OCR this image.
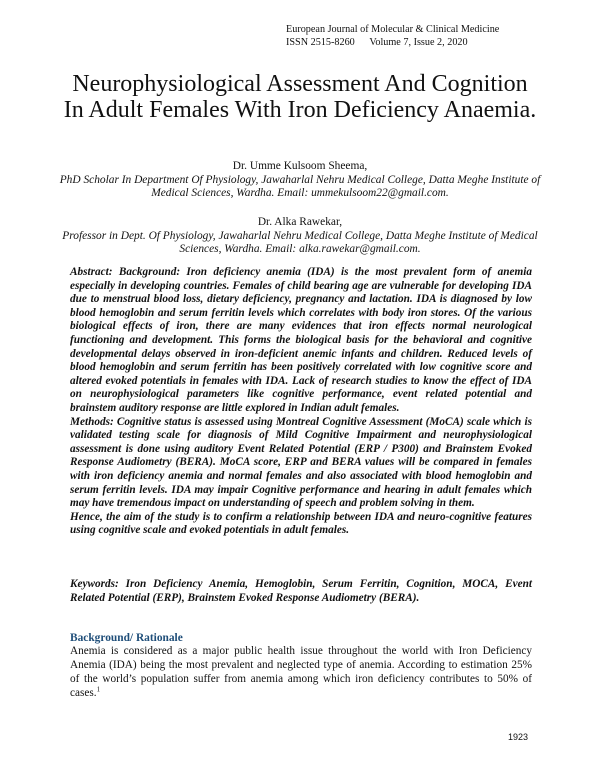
European Journal of Molecular & Clinical Medicine
ISSN 2515-8260 Volume 7, Issue 2, 2020
Neurophysiological Assessment And Cognition In Adult Females With Iron Deficiency Anaemia.
Dr. Umme Kulsoom Sheema,
PhD Scholar In Department Of Physiology, Jawaharlal Nehru Medical College, Datta Meghe Institute of Medical Sciences, Wardha. Email: ummekulsoom22@gmail.com.
Dr. Alka Rawekar,
Professor in Dept. Of Physiology, Jawaharlal Nehru Medical College, Datta Meghe Institute of Medical Sciences, Wardha. Email: alka.rawekar@gmail.com.

Abstract: Background: Iron deficiency anemia (IDA) is the most prevalent form of anemia especially in developing countries. Females of child bearing age are vulnerable for developing IDA due to menstrual blood loss, dietary deficiency, pregnancy and lactation. IDA is diagnosed by low blood hemoglobin and serum ferritin levels which correlates with body iron stores. Of the various biological effects of iron, there are many evidences that iron effects normal neurological functioning and development. This forms the biological basis for the behavioral and cognitive developmental delays observed in iron-deficient anemic infants and children. Reduced levels of blood hemoglobin and serum ferritin has been positively correlated with low cognitive score and altered evoked potentials in females with IDA. Lack of research studies to know the effect of IDA on neurophysiological parameters like cognitive performance, event related potential and brainstem auditory response are little explored in Indian adult females.

Methods: Cognitive status is assessed using Montreal Cognitive Assessment (MoCA) scale which is validated testing scale for diagnosis of Mild Cognitive Impairment and neurophysiological assessment is done using auditory Event Related Potential (ERP / P300) and Brainstem Evoked Response Audiometry (BERA). MoCA score, ERP and BERA values will be compared in females with iron deficiency anemia and normal females and also associated with blood hemoglobin and serum ferritin levels. IDA may impair Cognitive performance and hearing in adult females which may have tremendous impact on understanding of speech and problem solving in them.

Hence, the aim of the study is to confirm a relationship between IDA and neuro-cognitive features using cognitive scale and evoked potentials in adult females.

Keywords: Iron Deficiency Anemia, Hemoglobin, Serum Ferritin, Cognition, MOCA, Event Related Potential (ERP), Brainstem Evoked Response Audiometry (BERA).

Background/ Rationale

Anemia is considered as a major public health issue throughout the world with Iron Deficiency Anemia (IDA) being the most prevalent and neglected type of anemia. According to estimation 25% of the world’s population suffer from anemia among which iron deficiency contributes to 50% of cases.$^1$

1923
